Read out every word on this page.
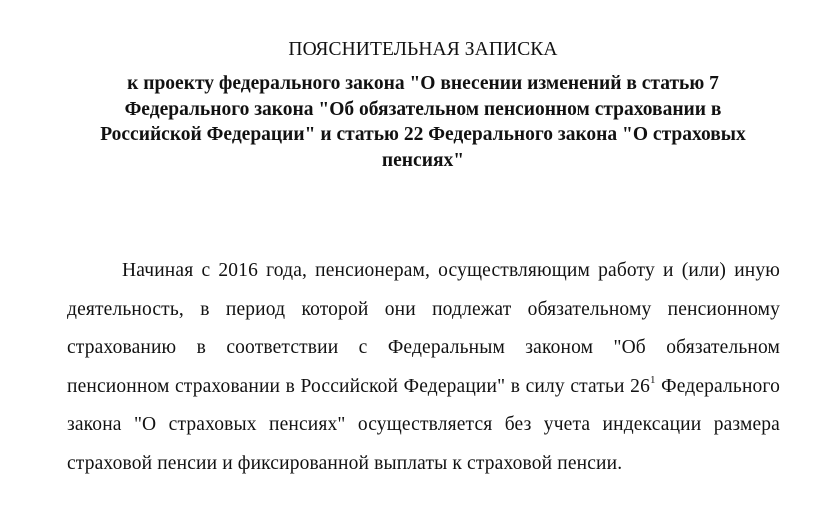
ПОЯСНИТЕЛЬНАЯ ЗАПИСКА
к проекту федерального закона "О внесении изменений в статью 7 Федерального закона "Об обязательном пенсионном страховании в Российской Федерации" и статью 22 Федерального закона "О страховых пенсиях"

Начиная с 2016 года, пенсионерам, осуществляющим работу и (или) иную деятельность, в период которой они подлежат обязательному пенсионному страхованию в соответствии с Федеральным законом "Об обязательном пенсионном страховании в Российской Федерации" в силу статьи $26^1$ Федерального закона "О страховых пенсиях" осуществляется без учета индексации размера страховой пенсии и фиксированной выплаты к страховой пенсии.
